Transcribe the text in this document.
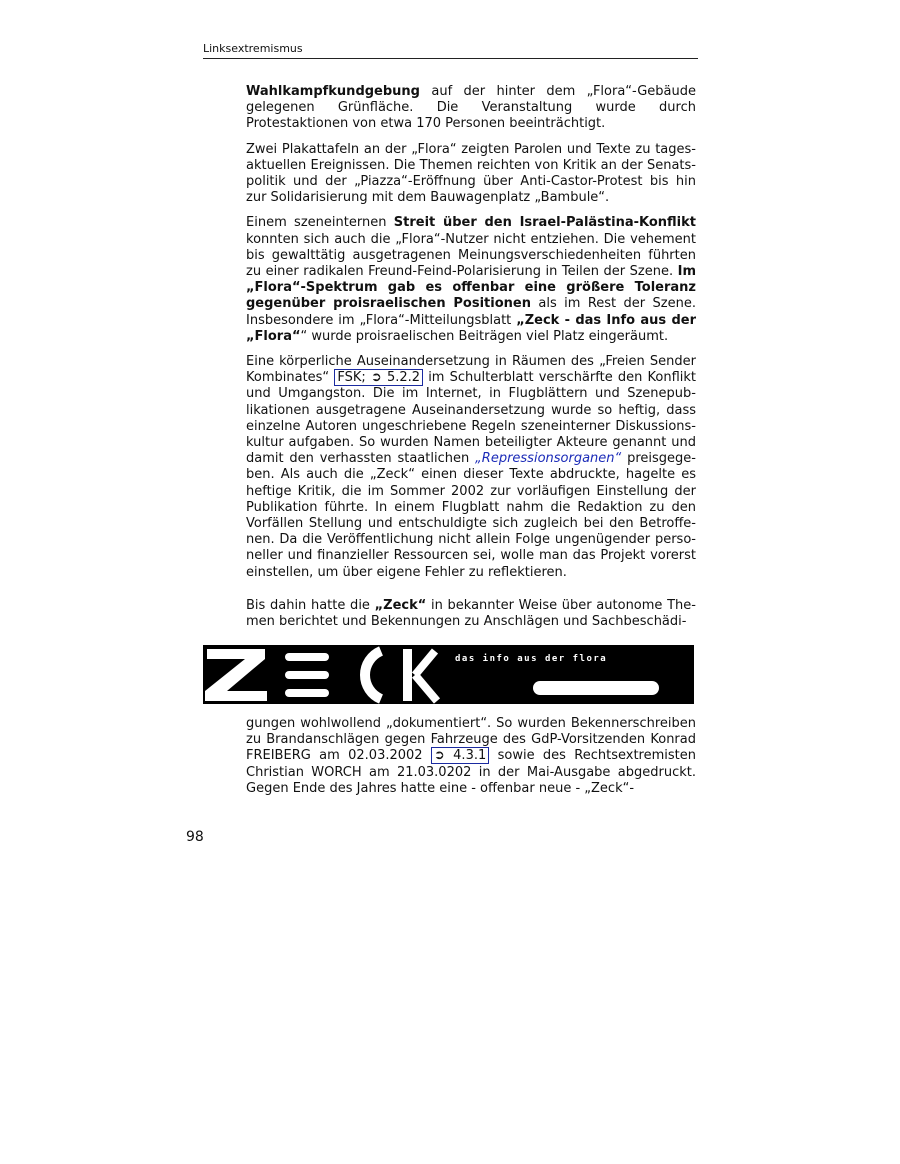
Linksextremismus

Wahlkampfkundgebung auf der hinter dem „Flora“-Gebäude gelegenen Grünfläche. Die Veranstaltung wurde durch Protestaktionen von etwa 170 Personen beeinträchtigt.

Zwei Plakattafeln an der „Flora“ zeigten Parolen und Texte zu tagesaktuellen Ereignissen. Die Themen reichten von Kritik an der Senatspolitik und der „Piazza“-Eröffnung über Anti-Castor-Protest bis hin zur Solidarisierung mit dem Bauwagenplatz „Bambule“.

Einem szeneinternen Streit über den Israel-Palästina-Konflikt konnten sich auch die „Flora“-Nutzer nicht entziehen. Die vehement bis gewalttätig ausgetragenen Meinungsverschiedenheiten führten zu einer radikalen Freund-Feind-Polarisierung in Teilen der Szene. Im „Flora“-Spektrum gab es offenbar eine größere Toleranz gegenüber proisraelischen Positionen als im Rest der Szene. Insbesondere im „Flora“-Mitteilungsblatt „Zeck - das Info aus der „Flora““ wurde proisraelischen Beiträgen viel Platz eingeräumt.

Eine körperliche Auseinandersetzung in Räumen des „Freien Sender Kombinates“ FSK; ➲ 5.2.2 im Schulterblatt verschärfte den Konflikt und Umgangston. Die im Internet, in Flugblättern und Szenepublikationen ausgetragene Auseinandersetzung wurde so heftig, dass einzelne Autoren ungeschriebene Regeln szeneinterner Diskussionskultur aufgaben. So wurden Namen beteiligter Akteure genannt und damit den verhassten staatlichen „Repressionsorganen“ preisgegeben. Als auch die „Zeck“ einen dieser Texte abdruckte, hagelte es heftige Kritik, die im Sommer 2002 zur vorläufigen Einstellung der Publikation führte. In einem Flugblatt nahm die Redaktion zu den Vorfällen Stellung und entschuldigte sich zugleich bei den Betroffenen. Da die Veröffentlichung nicht allein Folge ungenügender personeller und finanzieller Ressourcen sei, wolle man das Projekt vorerst einstellen, um über eigene Fehler zu reflektieren.

Bis dahin hatte die „Zeck“ in bekannter Weise über autonome Themen berichtet und Bekennungen zu Anschlägen und Sachbeschädi-

das info aus der flora

gungen wohlwollend „dokumentiert“. So wurden Bekennerschreiben zu Brandanschlägen gegen Fahrzeuge des GdP-Vorsitzenden Konrad FREIBERG am 02.03.2002 ➲ 4.3.1 sowie des Rechtsextremisten Christian WORCH am 21.03.0202 in der Mai-Ausgabe abgedruckt. Gegen Ende des Jahres hatte eine - offenbar neue - „Zeck“-

98
